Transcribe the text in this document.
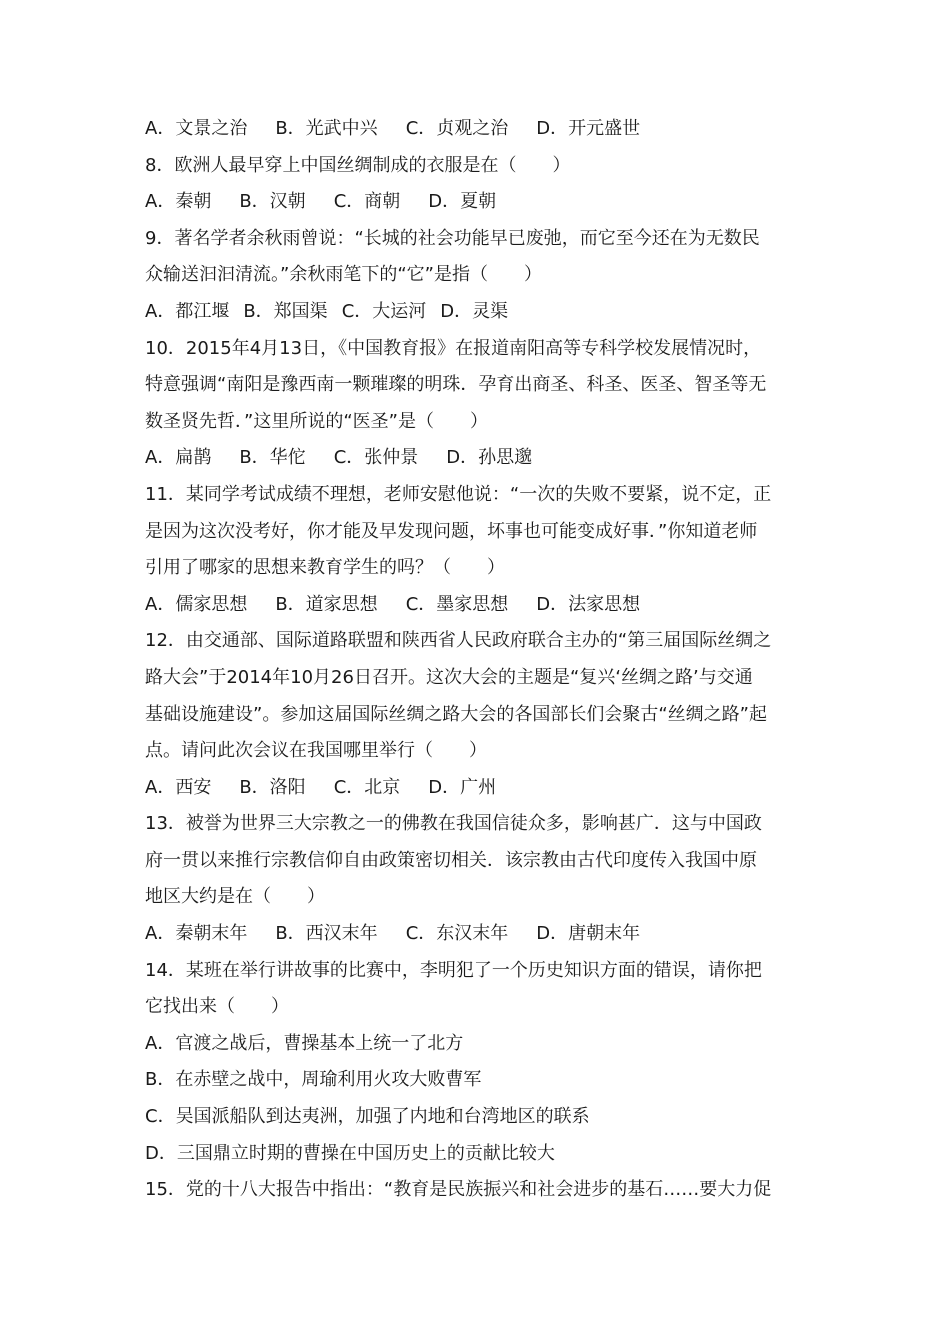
A．文景之治 B．光武中兴 C．贞观之治 D．开元盛世
8．欧洲人最早穿上中国丝绸制成的衣服是在（　　）
A．秦朝 B．汉朝 C．商朝 D．夏朝
9．著名学者余秋雨曾说：“长城的社会功能早已废弛，而它至今还在为无数民
众输送汩汩清流。”余秋雨笔下的“它”是指（　　）
A．都江堰 B．郑国渠 C．大运河 D．灵渠
10．2015年4月13日，《中国教育报》在报道南阳高等专科学校发展情况时，
特意强调“南阳是豫西南一颗璀璨的明珠．孕育出商圣、科圣、医圣、智圣等无
数圣贤先哲．”这里所说的“医圣”是（　　）
A．扁鹊 B．华佗 C．张仲景 D．孙思邈
11．某同学考试成绩不理想，老师安慰他说：“一次的失败不要紧，说不定，正
是因为这次没考好，你才能及早发现问题，坏事也可能变成好事．”你知道老师
引用了哪家的思想来教育学生的吗？（　　）
A．儒家思想 B．道家思想 C．墨家思想 D．法家思想
12．由交通部、国际道路联盟和陕西省人民政府联合主办的“第三届国际丝绸之
路大会”于2014年10月26日召开。这次大会的主题是“复兴‘丝绸之路’与交通
基础设施建设”。参加这届国际丝绸之路大会的各国部长们会聚古“丝绸之路”起
点。请问此次会议在我国哪里举行（　　）
A．西安 B．洛阳 C．北京 D．广州
13．被誉为世界三大宗教之一的佛教在我国信徒众多，影响甚广．这与中国政
府一贯以来推行宗教信仰自由政策密切相关．该宗教由古代印度传入我国中原
地区大约是在（　　）
A．秦朝末年 B．西汉末年 C．东汉末年 D．唐朝末年
14．某班在举行讲故事的比赛中，李明犯了一个历史知识方面的错误，请你把
它找出来（　　）
A．官渡之战后，曹操基本上统一了北方
B．在赤壁之战中，周瑜利用火攻大败曹军
C．吴国派船队到达夷洲，加强了内地和台湾地区的联系
D．三国鼎立时期的曹操在中国历史上的贡献比较大
15．党的十八大报告中指出：“教育是民族振兴和社会进步的基石……要大力促
